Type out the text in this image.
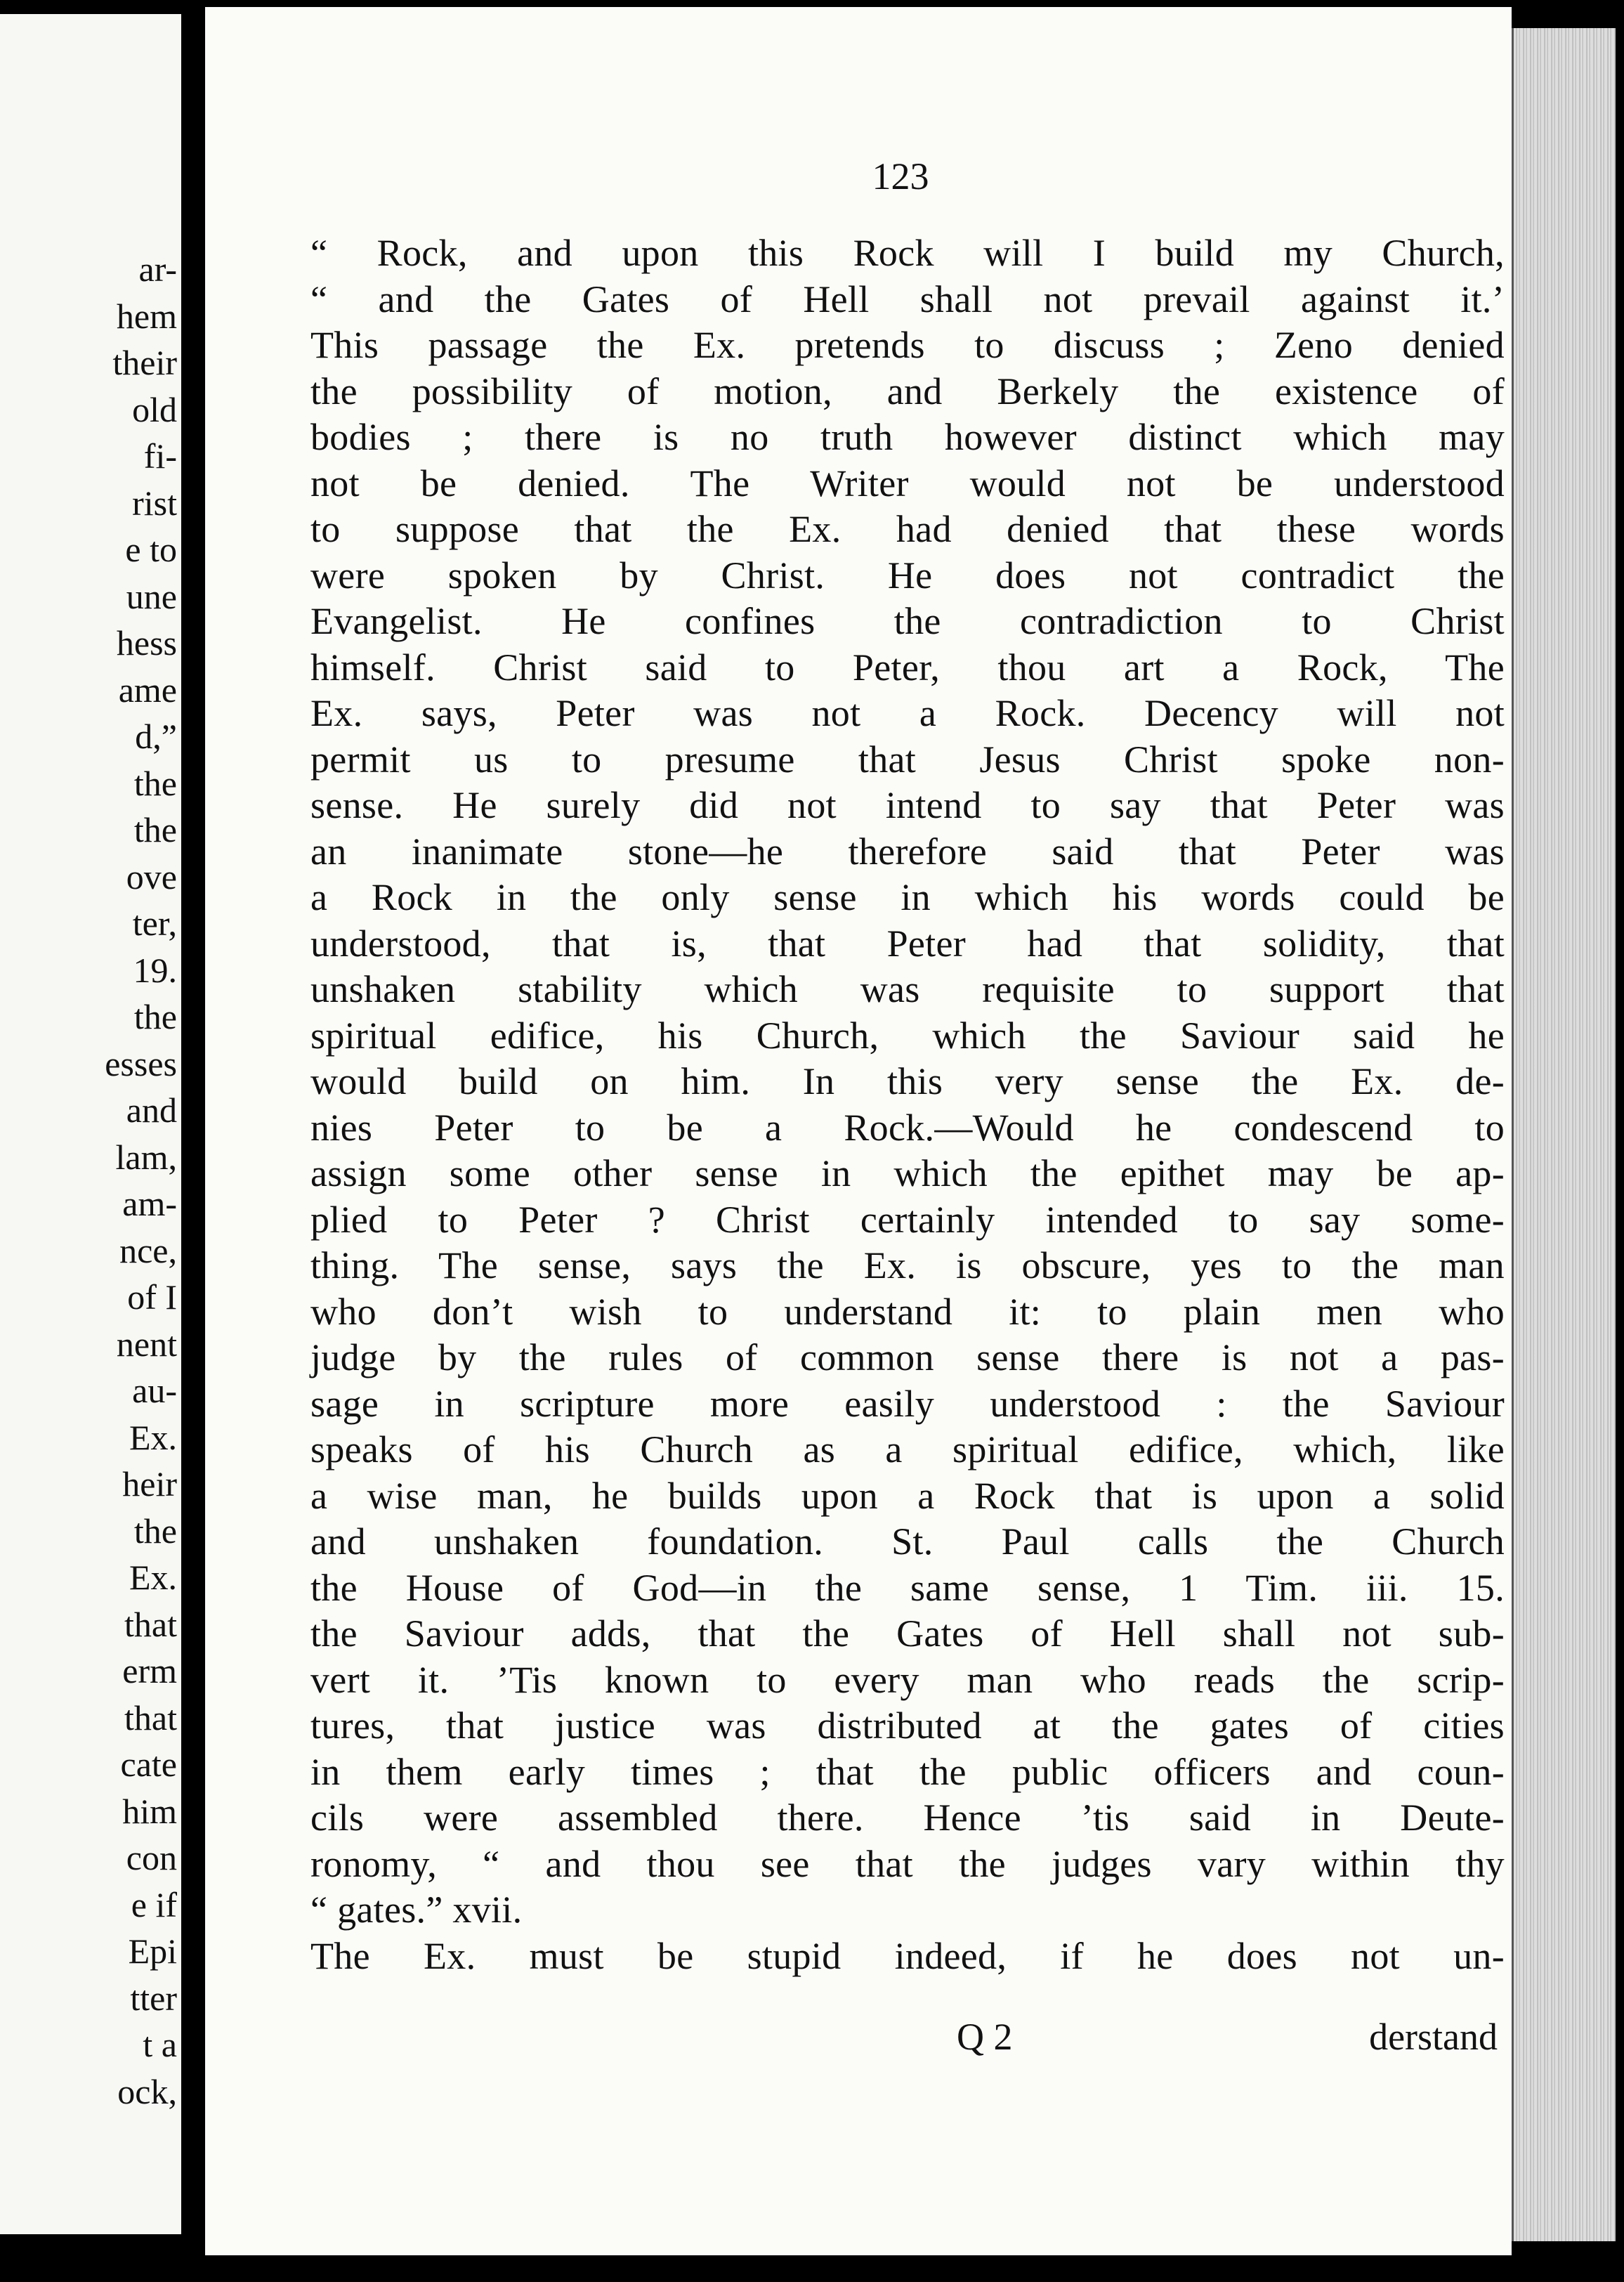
ar-
hem
their
old
fi-
rist
e to
une
hess
ame
d,”
the
the
ove
ter,
19.
the
esses
and
lam,
am-
nce,
of I
nent
au-
Ex.
heir
the
Ex.
that
erm
that
cate
him
con
e if
Epi
tter
t a
ock,
123
“ Rock, and upon this Rock will I build my Church,
“ and the Gates of Hell shall not prevail against it.’
This passage the Ex. pretends to discuss ; Zeno denied
the possibility of motion, and Berkely the existence of
bodies ; there is no truth however distinct which may
not be denied. The Writer would not be understood
to suppose that the Ex. had denied that these words
were spoken by Christ. He does not contradict the
Evangelist. He confines the contradiction to Christ
himself. Christ said to Peter, thou art a Rock, The
Ex. says, Peter was not a Rock. Decency will not
permit us to presume that Jesus Christ spoke non-
sense. He surely did not intend to say that Peter was
an inanimate stone—he therefore said that Peter was
a Rock in the only sense in which his words could be
understood, that is, that Peter had that solidity, that
unshaken stability which was requisite to support that
spiritual edifice, his Church, which the Saviour said he
would build on him. In this very sense the Ex. de-
nies Peter to be a Rock.—Would he condescend to
assign some other sense in which the epithet may be ap-
plied to Peter ? Christ certainly intended to say some-
thing. The sense, says the Ex. is obscure, yes to the man
who don’t wish to understand it: to plain men who
judge by the rules of common sense there is not a pas-
sage in scripture more easily understood : the Saviour
speaks of his Church as a spiritual edifice, which, like
a wise man, he builds upon a Rock that is upon a solid
and unshaken foundation. St. Paul calls the Church
the House of God—in the same sense, 1 Tim. iii. 15.
the Saviour adds, that the Gates of Hell shall not sub-
vert it. ’Tis known to every man who reads the scrip-
tures, that justice was distributed at the gates of cities
in them early times ; that the public officers and coun-
cils were assembled there. Hence ’tis said in Deute-
ronomy, “ and thou see that the judges vary within thy
“ gates.” xvii.
The Ex. must be stupid indeed, if he does not un-
Q 2	derstand
